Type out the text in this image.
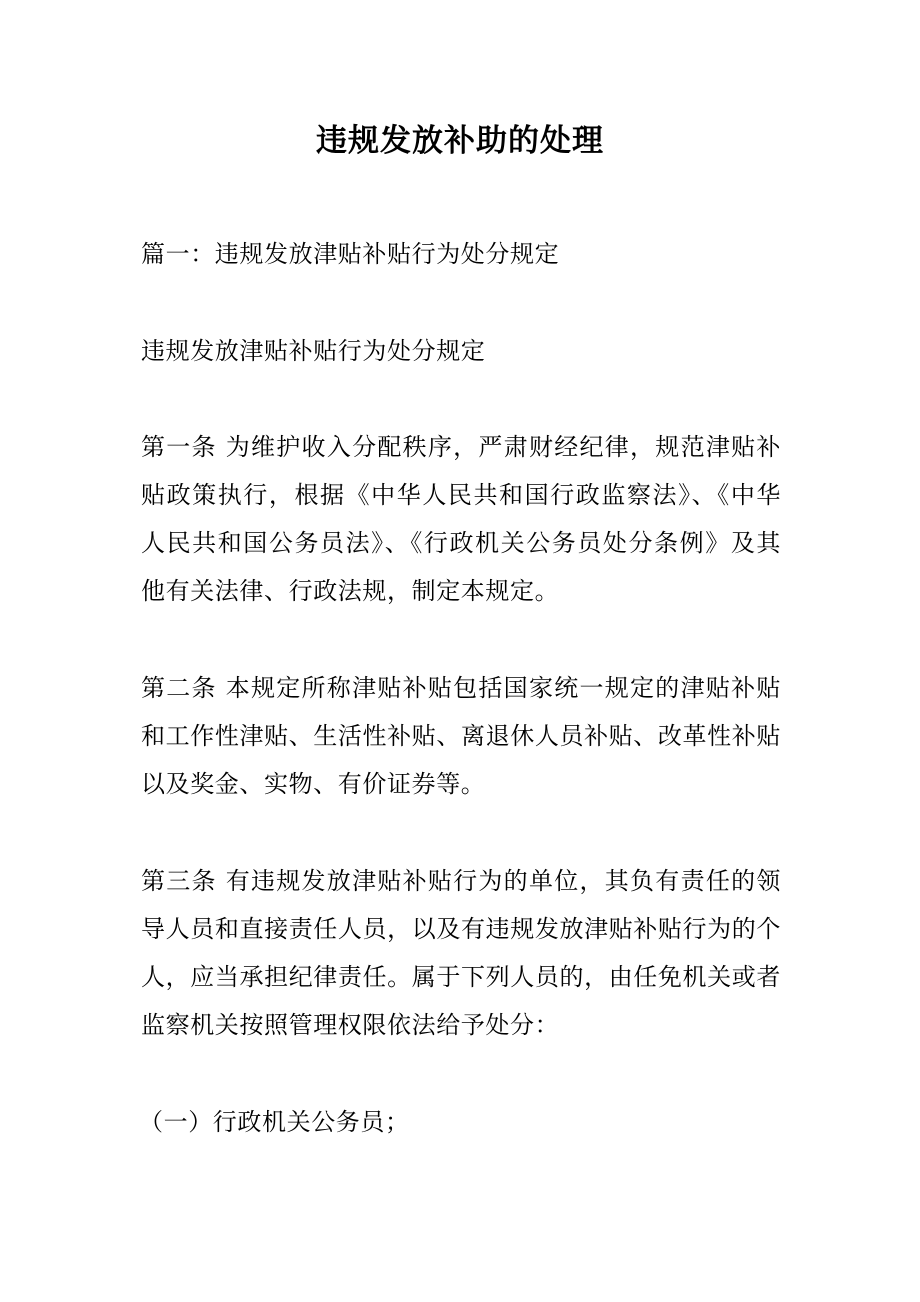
违规发放补助的处理

篇一：违规发放津贴补贴行为处分规定

违规发放津贴补贴行为处分规定

第一条 为维护收入分配秩序，严肃财经纪律，规范津贴补贴政策执行，根据《中华人民共和国行政监察法》、《中华人民共和国公务员法》、《行政机关公务员处分条例》及其他有关法律、行政法规，制定本规定。

第二条 本规定所称津贴补贴包括国家统一规定的津贴补贴和工作性津贴、生活性补贴、离退休人员补贴、改革性补贴以及奖金、实物、有价证券等。

第三条 有违规发放津贴补贴行为的单位，其负有责任的领导人员和直接责任人员，以及有违规发放津贴补贴行为的个人，应当承担纪律责任。属于下列人员的，由任免机关或者监察机关按照管理权限依法给予处分：

（一）行政机关公务员；
